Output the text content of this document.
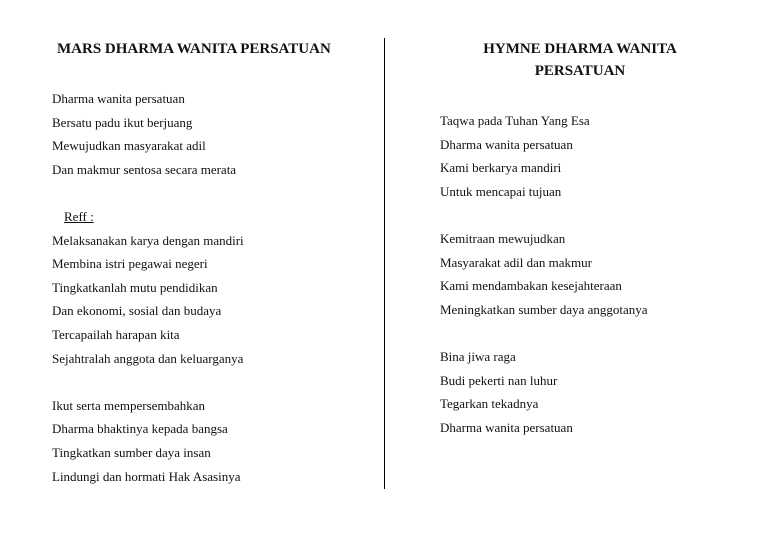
MARS DHARMA WANITA PERSATUAN
Dharma wanita persatuan
Bersatu padu ikut berjuang
Mewujudkan masyarakat adil
Dan makmur sentosa secara merata
Reff :
Melaksanakan karya dengan mandiri
Membina istri pegawai negeri
Tingkatkanlah mutu pendidikan
Dan ekonomi, sosial dan budaya
Tercapailah harapan kita
Sejahtralah anggota dan keluarganya
Ikut serta mempersembahkan
Dharma bhaktinya kepada bangsa
Tingkatkan sumber daya insan
Lindungi dan hormati Hak Asasinya
HYMNE DHARMA WANITA
PERSATUAN
Taqwa pada Tuhan Yang Esa
Dharma wanita persatuan
Kami berkarya mandiri
Untuk mencapai tujuan
Kemitraan mewujudkan
Masyarakat adil dan makmur
Kami mendambakan kesejahteraan
Meningkatkan sumber daya anggotanya
Bina jiwa raga
Budi pekerti nan luhur
Tegarkan tekadnya
Dharma wanita persatuan
